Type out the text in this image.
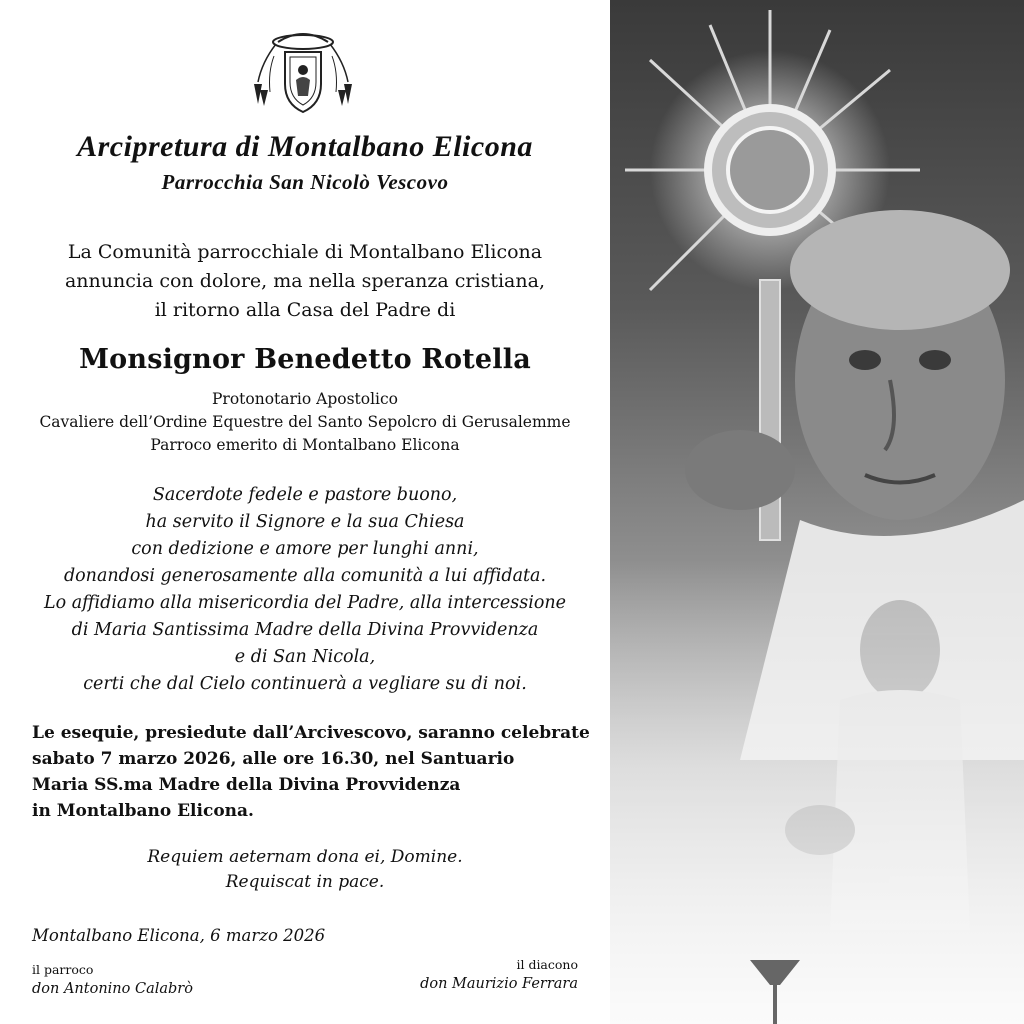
Arcipretura di Montalbano Elicona
Parrocchia San Nicolò Vescovo
La Comunità parrocchiale di Montalbano Elicona
annuncia con dolore, ma nella speranza cristiana,
il ritorno alla Casa del Padre di
Monsignor Benedetto Rotella
Protonotario Apostolico
Cavaliere dell’Ordine Equestre del Santo Sepolcro di Gerusalemme
Parroco emerito di Montalbano Elicona
Sacerdote fedele e pastore buono,
ha servito il Signore e la sua Chiesa
con dedizione e amore per lunghi anni,
donandosi generosamente alla comunità a lui affidata.
Lo affidiamo alla misericordia del Padre, alla intercessione
di Maria Santissima Madre della Divina Provvidenza
e di San Nicola,
certi che dal Cielo continuerà a vegliare su di noi.
Le esequie, presiedute dall’Arcivescovo, saranno celebrate
sabato 7 marzo 2026, alle ore 16.30, nel Santuario
Maria SS.ma Madre della Divina Provvidenza
in Montalbano Elicona.
Requiem aeternam dona ei, Domine.
Requiscat in pace.
Montalbano Elicona, 6 marzo 2026
il parroco
don Antonino Calabrò
il diacono
don Maurizio Ferrara
